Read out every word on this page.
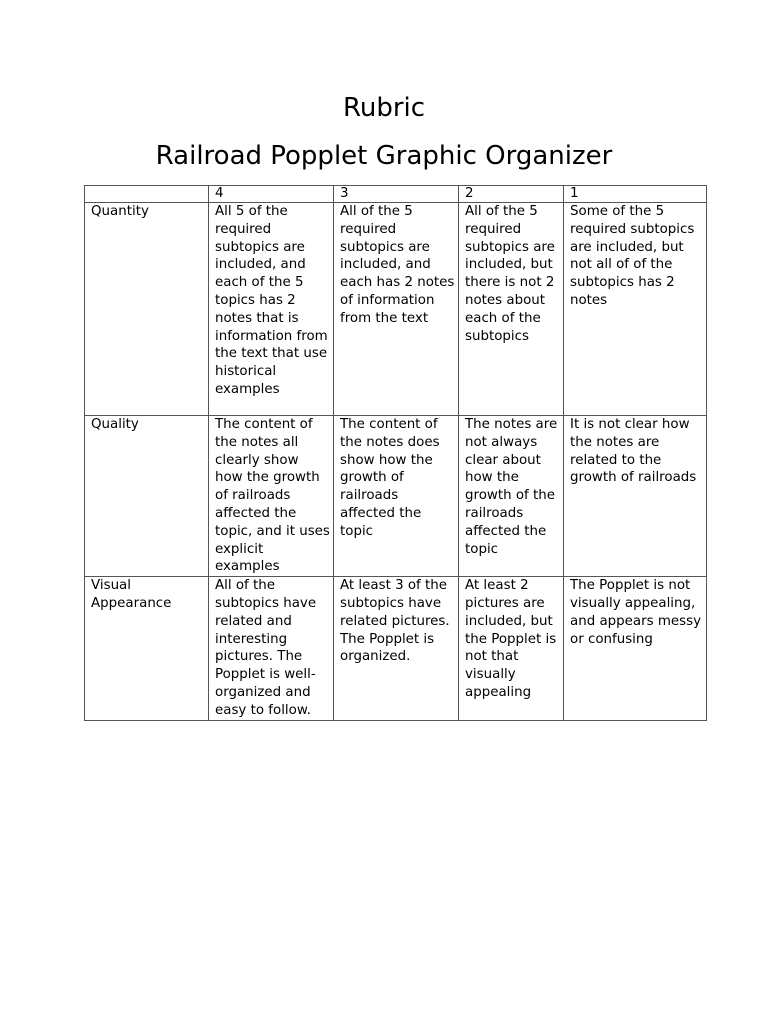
Rubric
Railroad Popplet Graphic Organizer
	4	3	2	1
Quantity	All 5 of the required subtopics are included, and each of the 5 topics has 2 notes that is information from the text that use historical examples	All of the 5 required subtopics are included, and each has 2 notes of information from the text	All of the 5 required subtopics are included, but there is not 2 notes about each of the subtopics	Some of the 5 required subtopics are included, but not all of of the subtopics has 2 notes
Quality	The content of the notes all clearly show how the growth of railroads affected the topic, and it uses explicit examples	The content of the notes does show how the growth of railroads affected the topic	The notes are not always clear about how the growth of the railroads affected the topic	It is not clear how the notes are related to the growth of railroads
Visual Appearance	All of the subtopics have related and interesting pictures. The Popplet is well-organized and easy to follow.	At least 3 of the subtopics have related pictures. The Popplet is organized.	At least 2 pictures are included, but the Popplet is not that visually appealing	The Popplet is not visually appealing, and appears messy or confusing
